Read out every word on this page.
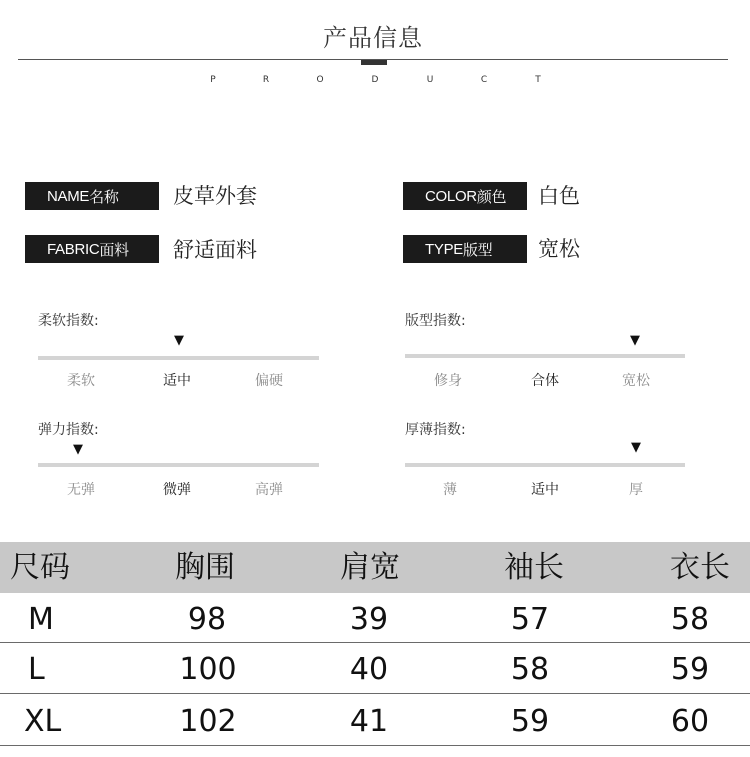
产品信息
P	R	O	D	U	C	T
NAME 名称	皮草外套	COLOR 颜色 白色
FABRIC 面料 舒适面料	TYPE 版型 宽松
柔软指数:
▼
柔软	适中	偏硬
版型指数:
▼
修身	合体	宽松
弹力指数:
▼
无弹	微弹	高弹
厚薄指数:
▼
薄	适中	厚
尺码	胸围	肩宽	袖长	衣长
M	98	39	57	58
L	100	40	58	59
XL	102	41	59	60
